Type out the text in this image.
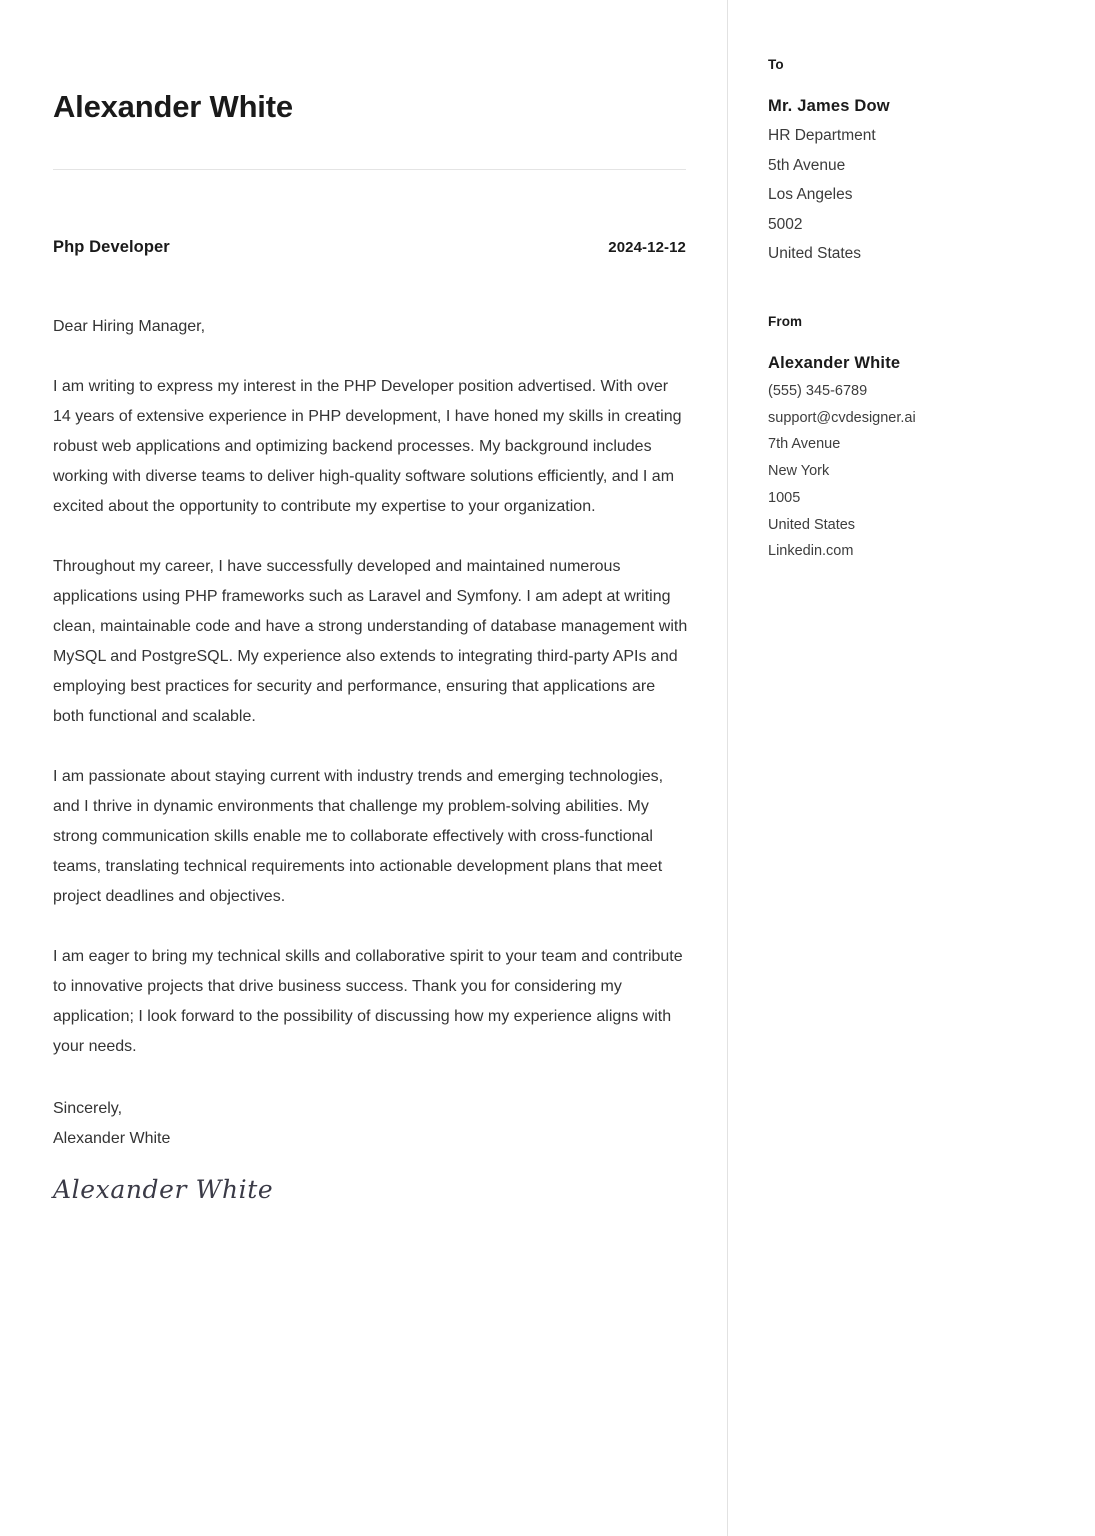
Alexander White
Php Developer	2024-12-12

Dear Hiring Manager,

I am writing to express my interest in the PHP Developer position advertised. With over 14 years of extensive experience in PHP development, I have honed my skills in creating robust web applications and optimizing backend processes. My background includes working with diverse teams to deliver high-quality software solutions efficiently, and I am excited about the opportunity to contribute my expertise to your organization.

Throughout my career, I have successfully developed and maintained numerous applications using PHP frameworks such as Laravel and Symfony. I am adept at writing clean, maintainable code and have a strong understanding of database management with MySQL and PostgreSQL. My experience also extends to integrating third-party APIs and employing best practices for security and performance, ensuring that applications are both functional and scalable.

I am passionate about staying current with industry trends and emerging technologies, and I thrive in dynamic environments that challenge my problem-solving abilities. My strong communication skills enable me to collaborate effectively with cross-functional teams, translating technical requirements into actionable development plans that meet project deadlines and objectives.

I am eager to bring my technical skills and collaborative spirit to your team and contribute to innovative projects that drive business success. Thank you for considering my application; I look forward to the possibility of discussing how my experience aligns with your needs.

Sincerely,
Alexander White
Alexander White
To
Mr. James Dow
HR Department
5th Avenue
Los Angeles
5002
United States
From
Alexander White
(555) 345-6789
support@cvdesigner.ai
7th Avenue
New York
1005
United States
Linkedin.com
